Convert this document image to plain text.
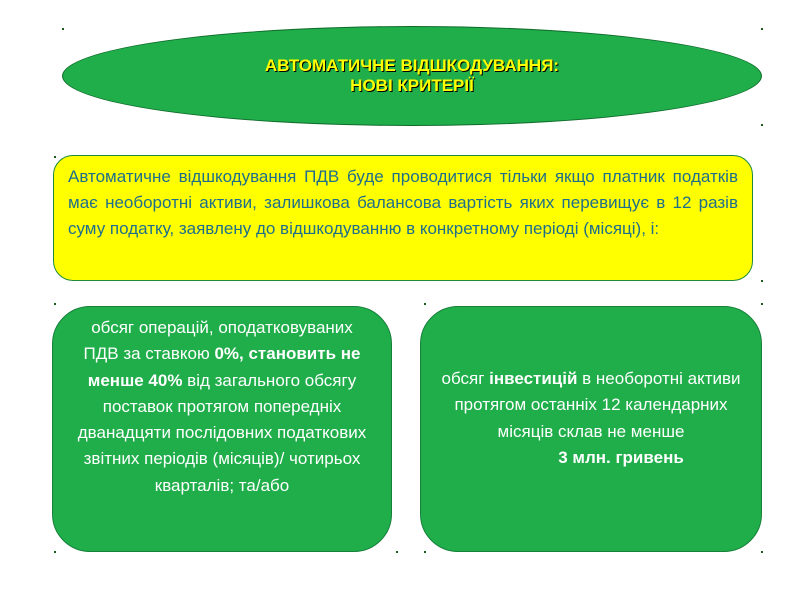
АВТОМАТИЧНЕ ВІДШКОДУВАННЯ:
НОВІ КРИТЕРІЇ

Автоматичне відшкодування ПДВ буде проводитися тільки якщо платник податків має необоротні активи, залишкова балансова вартість яких перевищує в 12 разів суму податку, заявлену до відшкодуванню в конкретному періоді (місяці), і:

обсяг операцій, оподатковуваних ПДВ за ставкою 0%, становить не менше 40% від загального обсягу поставок протягом попередніх дванадцяти послідовних податкових звітних періодів (місяців)/ чотирьох кварталів; та/або
обсяг інвестицій в необоротні активи протягом останніх 12 календарних місяців склав не менше
3 млн. гривень
